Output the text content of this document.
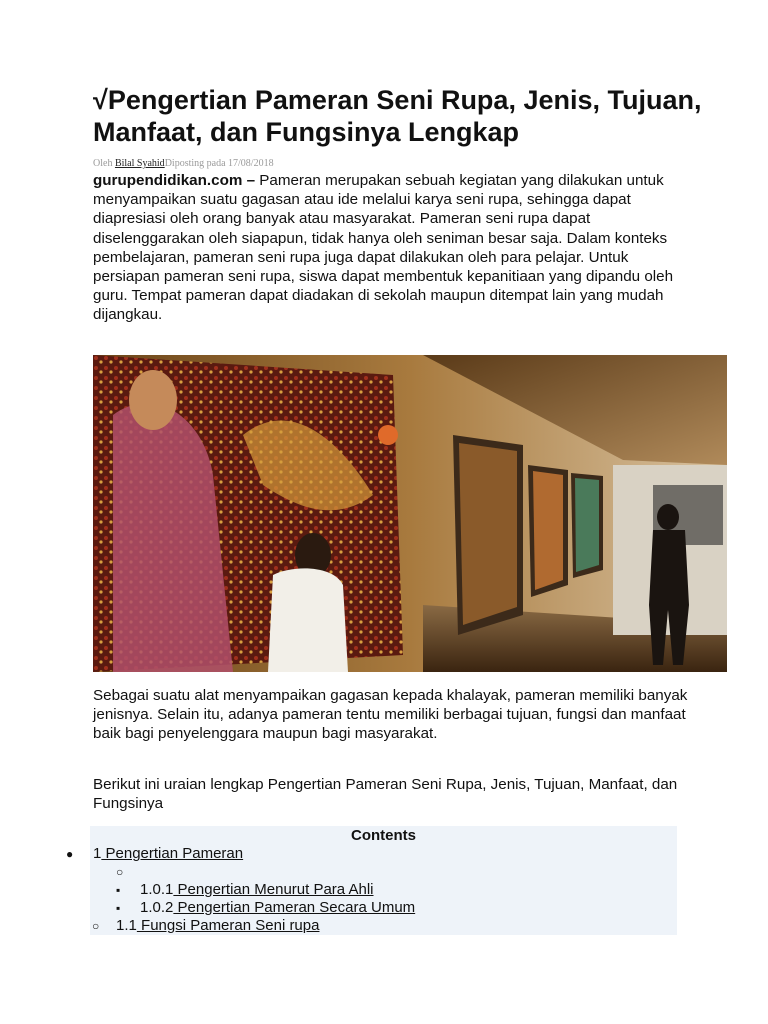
√Pengertian Pameran Seni Rupa, Jenis, Tujuan, Manfaat, dan Fungsinya Lengkap
Oleh Bilal SyahidDiposting pada 17/08/2018

gurupendidikan.com – Pameran merupakan sebuah kegiatan yang dilakukan untuk menyampaikan suatu gagasan atau ide melalui karya seni rupa, sehingga dapat diapresiasi oleh orang banyak atau masyarakat. Pameran seni rupa dapat diselenggarakan oleh siapapun, tidak hanya oleh seniman besar saja. Dalam konteks pembelajaran, pameran seni rupa juga dapat dilakukan oleh para pelajar. Untuk persiapan pameran seni rupa, siswa dapat membentuk kepanitiaan yang dipandu oleh guru. Tempat pameran dapat diadakan di sekolah maupun ditempat lain yang mudah dijangkau.

Sebagai suatu alat menyampaikan gagasan kepada khalayak, pameran memiliki banyak jenisnya. Selain itu, adanya pameran tentu memiliki berbagai tujuan, fungsi dan manfaat baik bagi penyelenggara maupun bagi masyarakat.

Berikut ini uraian lengkap Pengertian Pameran Seni Rupa, Jenis, Tujuan, Manfaat, dan Fungsinya

Contents
● 1 Pengertian Pameran
○
▪ 1.0.1 Pengertian Menurut Para Ahli
▪ 1.0.2 Pengertian Pameran Secara Umum
○ 1.1 Fungsi Pameran Seni rupa
